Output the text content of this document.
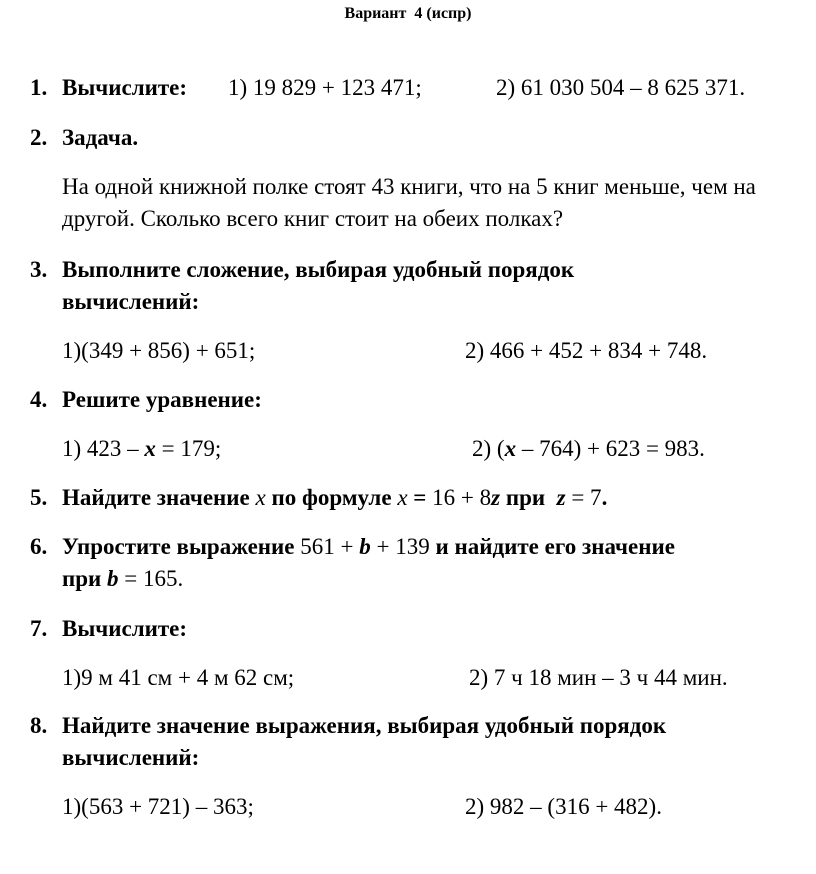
Вариант 4 (испр)
1. Вычислите:	1) 19 829 + 123 471;	2) 61 030 504 – 8 625 371.
2. Задача.
На одной книжной полке стоят 43 книги, что на 5 книг меньше, чем на другой. Сколько всего книг стоит на обеих полках?
3. Выполните сложение, выбирая удобный порядок вычислений:
1)(349 + 856) + 651;	2) 466 + 452 + 834 + 748.
4. Решите уравнение:
1) 423 – x = 179;	2) (x – 764) + 623 = 983.
5. Найдите значение x по формуле x = 16 + 8z при  z = 7.
6. Упростите выражение 561 + b + 139 и найдите его значение
при b = 165.
7. Вычислите:
1)9 м 41 см + 4 м 62 см;	2) 7 ч 18 мин – 3 ч 44 мин.
8. Найдите значение выражения, выбирая удобный порядок вычислений:
1)(563 + 721) – 363;	2) 982 – (316 + 482).
